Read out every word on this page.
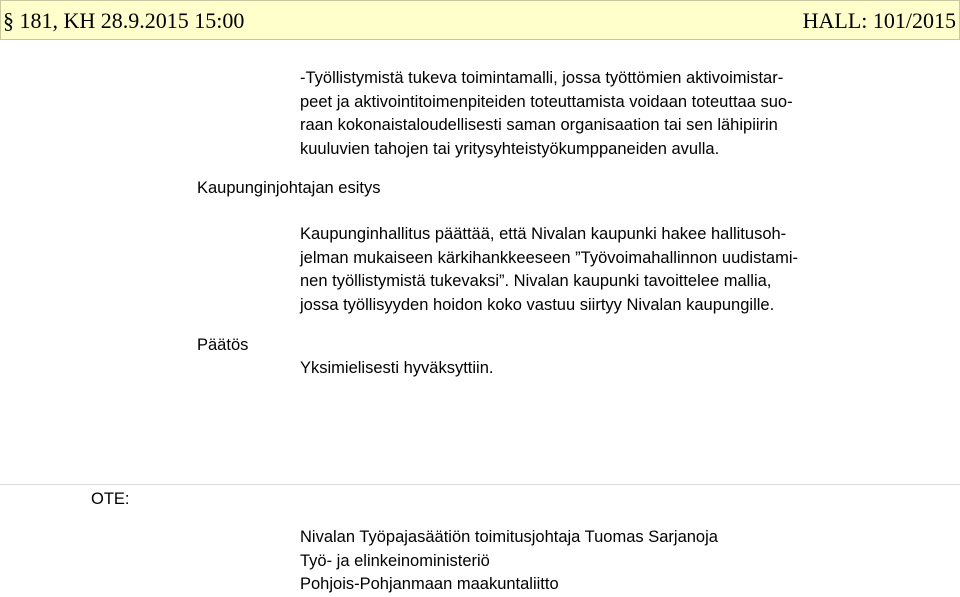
§ 181, KH 28.9.2015 15:00	HALL: 101/2015
-Työllistymistä tukeva toimintamalli, jossa työttömien aktivoimistar-
peet ja aktivointitoimenpiteiden toteuttamista voidaan toteuttaa suo-
raan kokonaistaloudellisesti saman organisaation tai sen lähipiirin
kuuluvien tahojen tai yritysyhteistyökumppaneiden avulla.
Kaupunginjohtajan esitys
Kaupunginhallitus päättää, että Nivalan kaupunki hakee hallitusoh-
jelman mukaiseen kärkihankkeeseen ”Työvoimahallinnon uudistami-
nen työllistymistä tukevaksi”. Nivalan kaupunki tavoittelee mallia,
jossa työllisyyden hoidon koko vastuu siirtyy Nivalan kaupungille.
Päätös
Yksimielisesti hyväksyttiin.
OTE:
Nivalan Työpajasäätiön toimitusjohtaja Tuomas Sarjanoja
Työ- ja elinkeinoministeriö
Pohjois-Pohjanmaan maakuntaliitto
